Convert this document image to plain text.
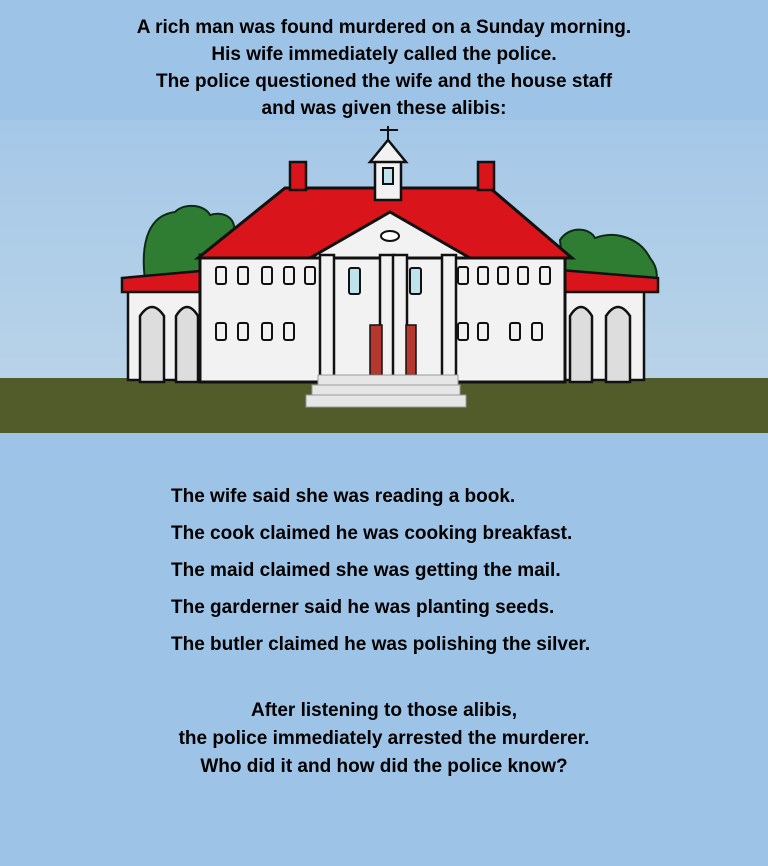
A rich man was found murdered on a Sunday morning.
His wife immediately called the police.
The police questioned the wife and the house staff
and was given these alibis:
The wife said she was reading a book.
The cook claimed he was cooking breakfast.
The maid claimed she was getting the mail.
The garderner said he was planting seeds.
The butler claimed he was polishing the silver.
After listening to those alibis,
the police immediately arrested the murderer.
Who did it and how did the police know?
